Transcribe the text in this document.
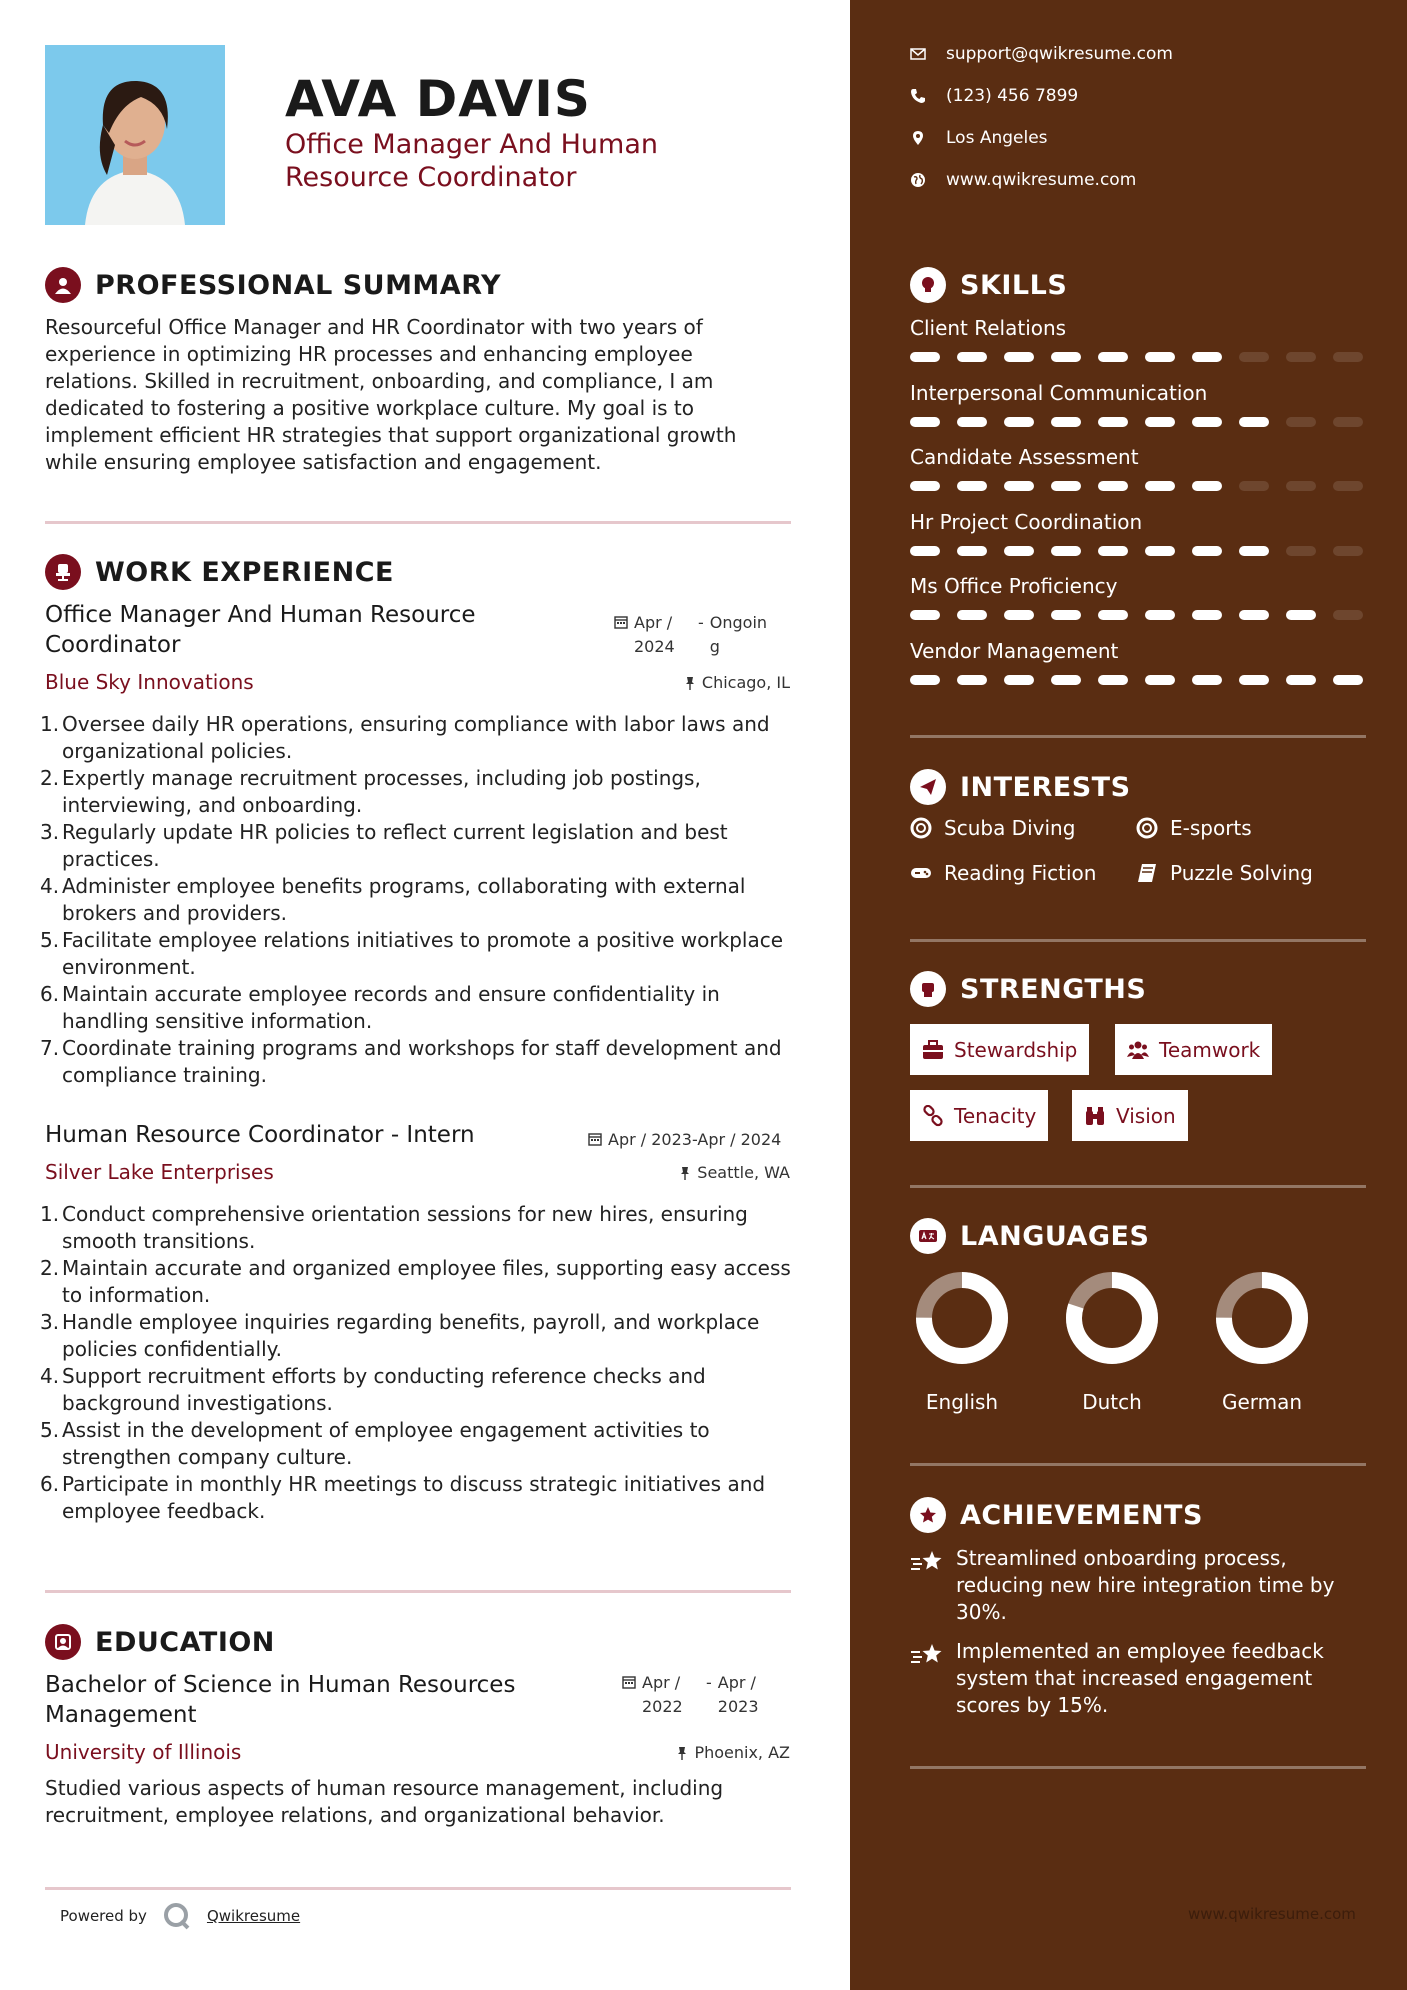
AVA DAVIS
Office Manager And Human Resource Coordinator
PROFESSIONAL SUMMARY
Resourceful Office Manager and HR Coordinator with two years of experience in optimizing HR processes and enhancing employee relations. Skilled in recruitment, onboarding, and compliance, I am dedicated to fostering a positive workplace culture. My goal is to implement efficient HR strategies that support organizational growth while ensuring employee satisfaction and engagement.
WORK EXPERIENCE
Office Manager And Human Resource Coordinator
Apr / 2024
- Ongoing
Blue Sky Innovations	Chicago, IL
1. Oversee daily HR operations, ensuring compliance with labor laws and organizational policies.
2. Expertly manage recruitment processes, including job postings, interviewing, and onboarding.
3. Regularly update HR policies to reflect current legislation and best practices.
4. Administer employee benefits programs, collaborating with external brokers and providers.
5. Facilitate employee relations initiatives to promote a positive workplace environment.
6. Maintain accurate employee records and ensure confidentiality in handling sensitive information.
7. Coordinate training programs and workshops for staff development and compliance training.
Human Resource Coordinator - Intern	Apr / 2023-Apr / 2024
Silver Lake Enterprises	Seattle, WA
1. Conduct comprehensive orientation sessions for new hires, ensuring smooth transitions.
2. Maintain accurate and organized employee files, supporting easy access to information.
3. Handle employee inquiries regarding benefits, payroll, and workplace policies confidentially.
4. Support recruitment efforts by conducting reference checks and background investigations.
5. Assist in the development of employee engagement activities to strengthen company culture.
6. Participate in monthly HR meetings to discuss strategic initiatives and employee feedback.
EDUCATION
Bachelor of Science in Human Resources Management
Apr / 2022
- Apr / 2023
University of Illinois	Phoenix, AZ
Studied various aspects of human resource management, including recruitment, employee relations, and organizational behavior.
Powered by	Qwikresume
support@qwikresume.com
(123) 456 7899
Los Angeles
www.qwikresume.com
SKILLS
Client Relations
Interpersonal Communication
Candidate Assessment
Hr Project Coordination
Ms Office Proficiency
Vendor Management
INTERESTS
Scuba Diving	E-sports
Reading Fiction	Puzzle Solving
STRENGTHS
Stewardship	Teamwork
Tenacity	Vision
LANGUAGES
English	Dutch	German
ACHIEVEMENTS
Streamlined onboarding process, reducing new hire integration time by 30%.
Implemented an employee feedback system that increased engagement scores by 15%.
www.qwikresume.com
